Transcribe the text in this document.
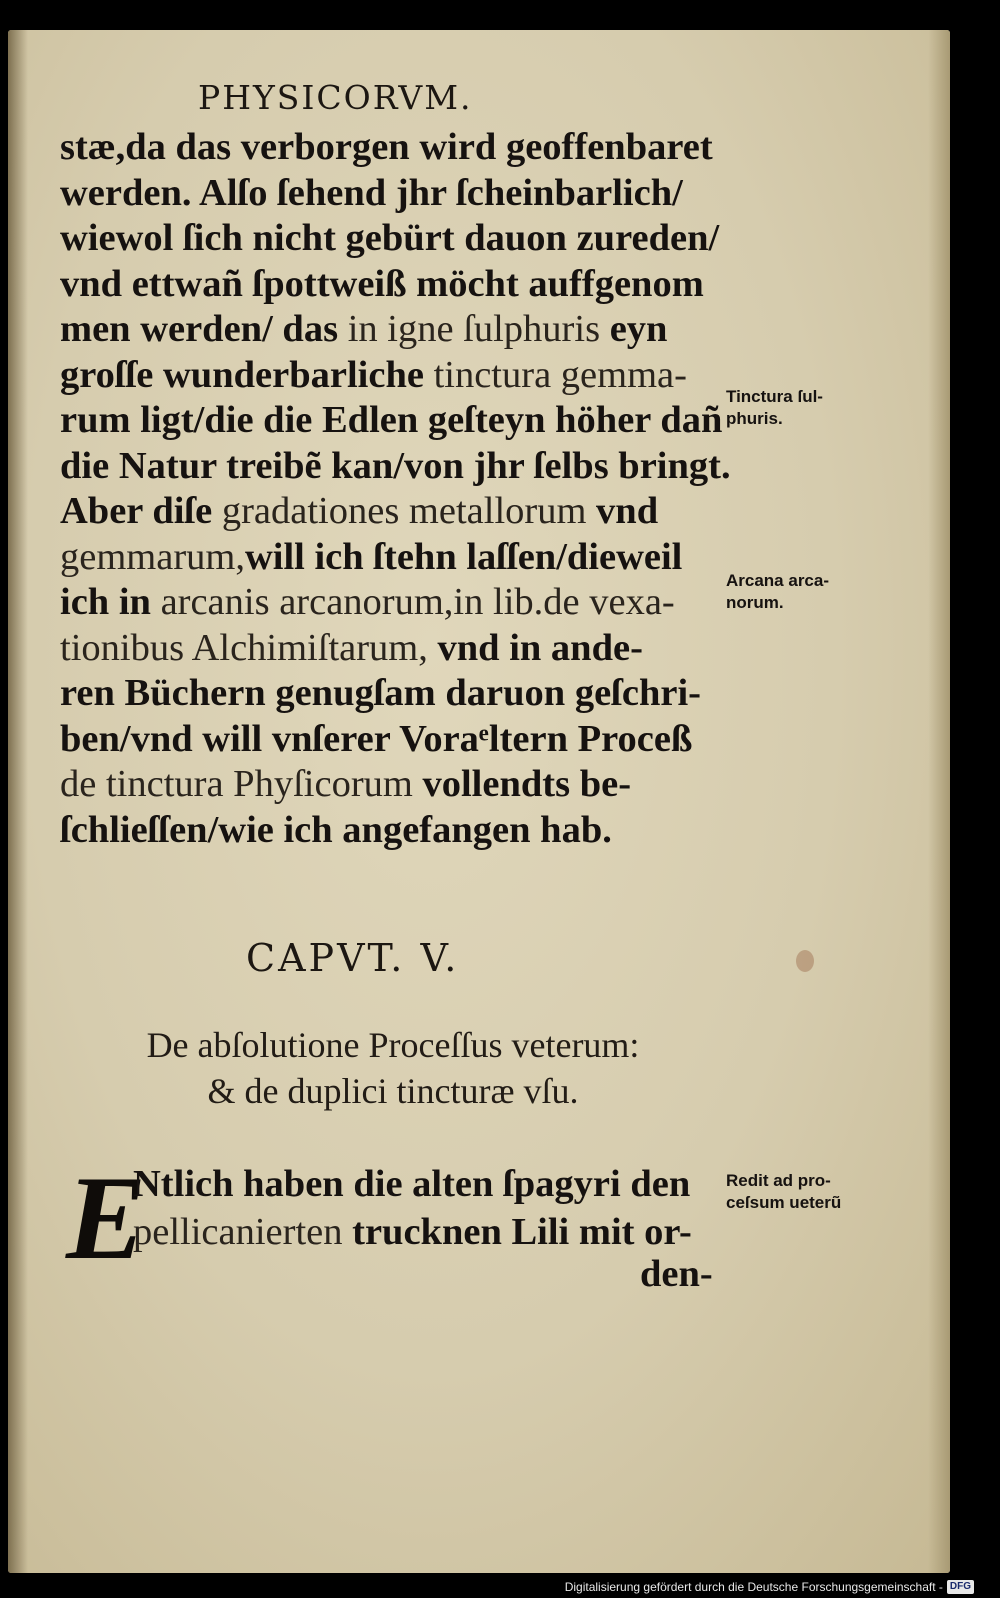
PHYSICORVM.
stæ,da das verborgen wird geoffenbaret
werden. Alſo ſehend jhr ſcheinbarlich/
wiewol ſich nicht gebürt dauon zureden/
vnd ettwañ ſpottweiß möcht auffgenom
men werden/ das in igne ſulphuris eyn
groſſe wunderbarliche tinctura gemma-
rum ligt/die die Edlen geſteyn höher dañ
die Natur treibẽ kan/von jhr ſelbs bringt.
Aber diſe gradationes metallorum vnd
gemmarum,will ich ſtehn laſſen/dieweil
ich in arcanis arcanorum,in lib.de vexa-
tionibus Alchimiſtarum, vnd in ande-
ren Büchern genugſam daruon geſchri-
ben/vnd will vnſerer Voraͤltern Proceß
de tinctura Phyſicorum vollendts be-
ſchlieſſen/wie ich angefangen hab.
Tinctura ſul-
phuris.
Arcana arca-
norum.
Redit ad pro-
ceſsum ueterũ
CAPVT. V.
De abſolutione Proceſſus veterum:
& de duplici tincturæ vſu.
E
Ntlich haben die alten ſpagyri den
pellicanierten trucknen Lili mit or-
den-
Digitalisierung gefördert durch die Deutsche Forschungsgemeinschaft - DFG
